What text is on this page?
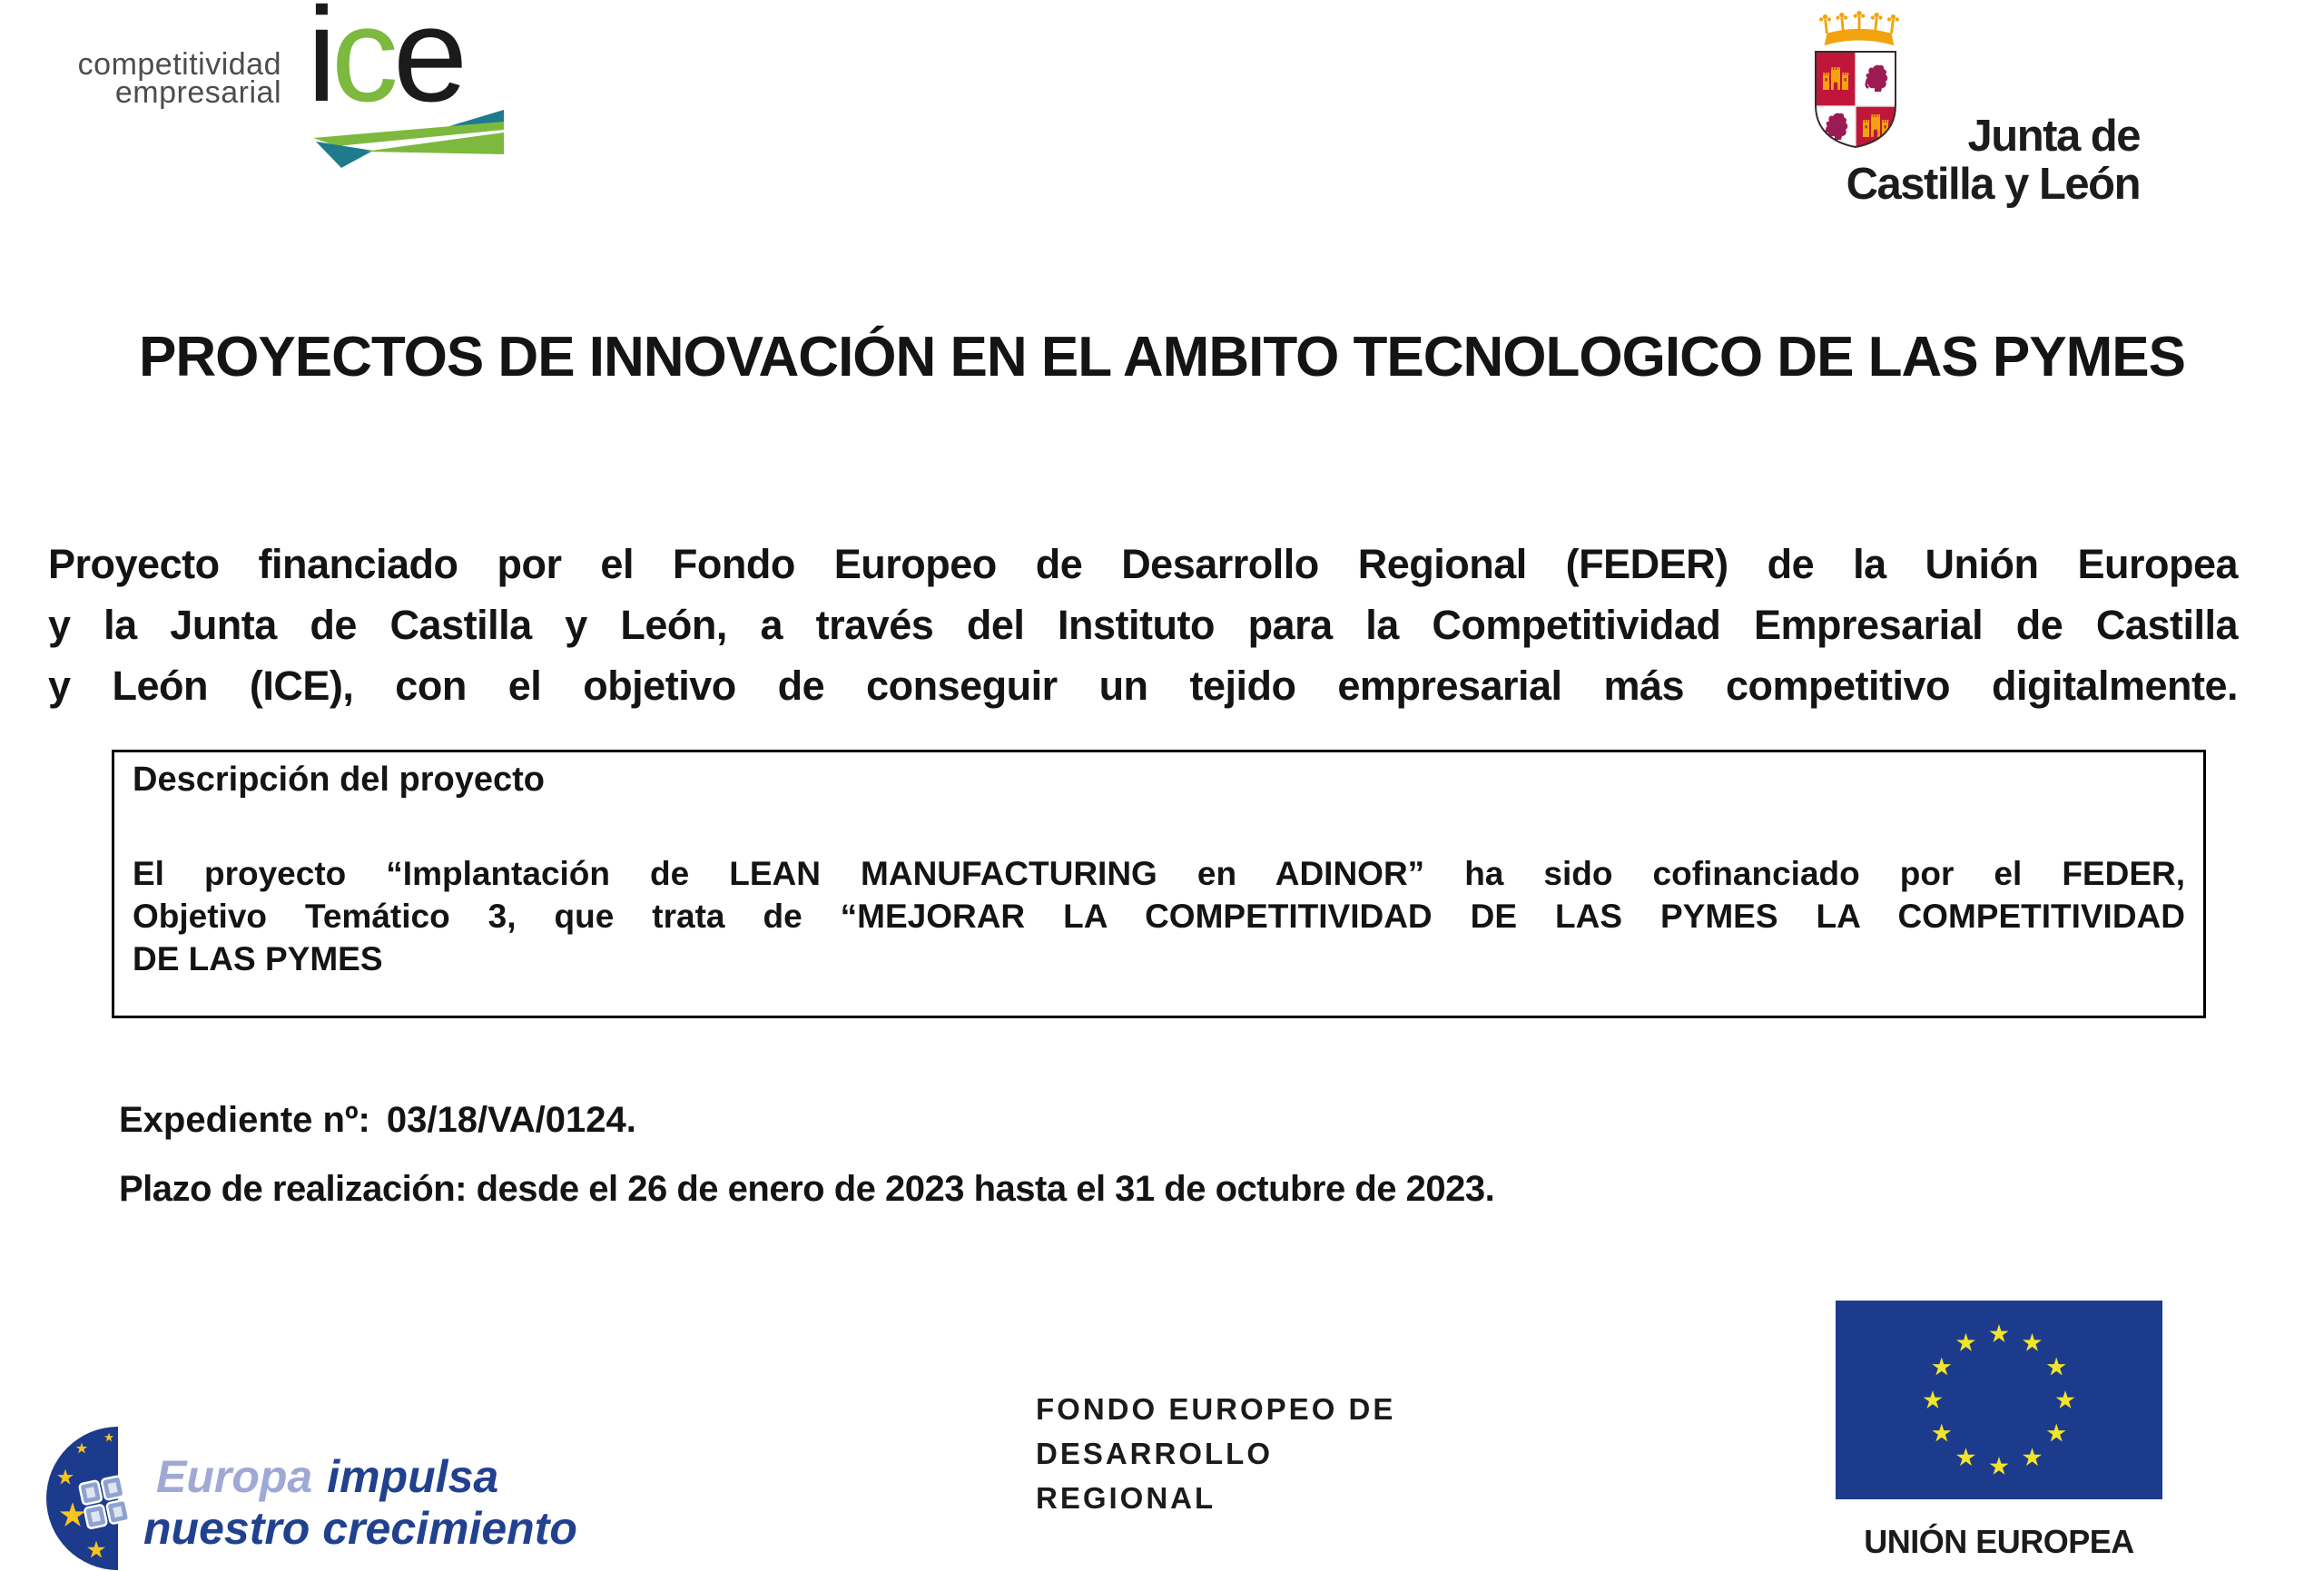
competitividad
empresarial ice
Junta de
Castilla y León
PROYECTOS DE INNOVACIÓN EN EL AMBITO TECNOLOGICO DE LAS PYMES
Proyecto financiado por el Fondo Europeo de Desarrollo Regional (FEDER) de la Unión Europea
y la Junta de Castilla y León, a través del Instituto para la Competitividad Empresarial de Castilla
y León (ICE), con el objetivo de conseguir un tejido empresarial más competitivo digitalmente.
Descripción del proyecto
El proyecto “Implantación de LEAN MANUFACTURING en ADINOR” ha sido cofinanciado por el FEDER,
Objetivo Temático 3, que trata de “MEJORAR LA COMPETITIVIDAD DE LAS PYMES LA COMPETITIVIDAD
DE LAS PYMES
Expediente nº: 03/18/VA/0124.
Plazo de realización: desde el 26 de enero de 2023 hasta el 31 de octubre de 2023.
Europa impulsa
nuestro crecimiento
FONDO EUROPEO DE
DESARROLLO
REGIONAL
UNIÓN EUROPEA
